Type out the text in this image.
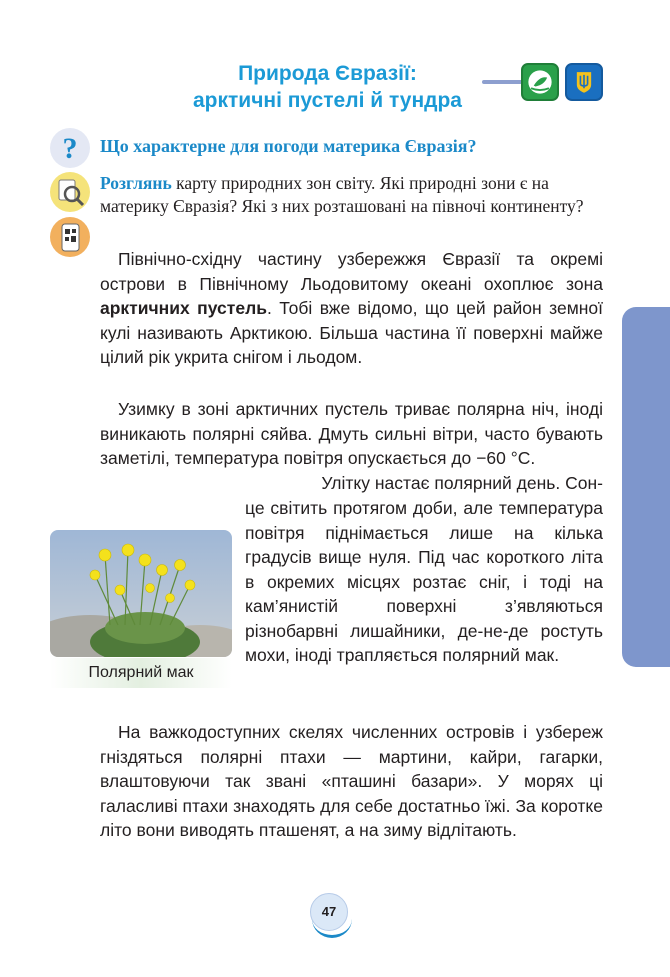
Природа Євразії:
арктичні пустелі й тундра
? Що характерне для погоди материка Євразія?
Розглянь карту природних зон світу. Які природні зони є на материку Євразія? Які з них розташовані на півночі континенту?

Північно-східну частину узбережжя Євразії та окремі острови в Північному Льодовитому океані охоплює зона арктичних пустель. Тобі вже відомо, що цей район земної кулі називають Арктикою. Більша частина її поверхні майже цілий рік укрита снігом і льодом.

Узимку в зоні арктичних пустель триває полярна ніч, іноді виникають полярні сяйва. Дмуть сильні вітри, часто бувають заметілі, температура повітря опускається до −60 °С.

Улітку настає полярний день. Сон-

це світить протягом доби, але температура повітря піднімається лише на кілька градусів вище нуля. Під час короткого літа в окремих місцях розтає сніг, і тоді на кам’янистій поверхні з’являються різнобарвні лишайники, де-не-де ростуть мохи, іноді трапляється полярний мак.

Полярний мак

На важкодоступних скелях численних островів і узбереж гніздяться полярні птахи — мартини, кайри, гагарки, влаштовуючи так звані «пташині базари». У морях ці галасливі птахи знаходять для себе достатньо їжі. За коротке літо вони виводять пташенят, а на зиму відлітають.

47
